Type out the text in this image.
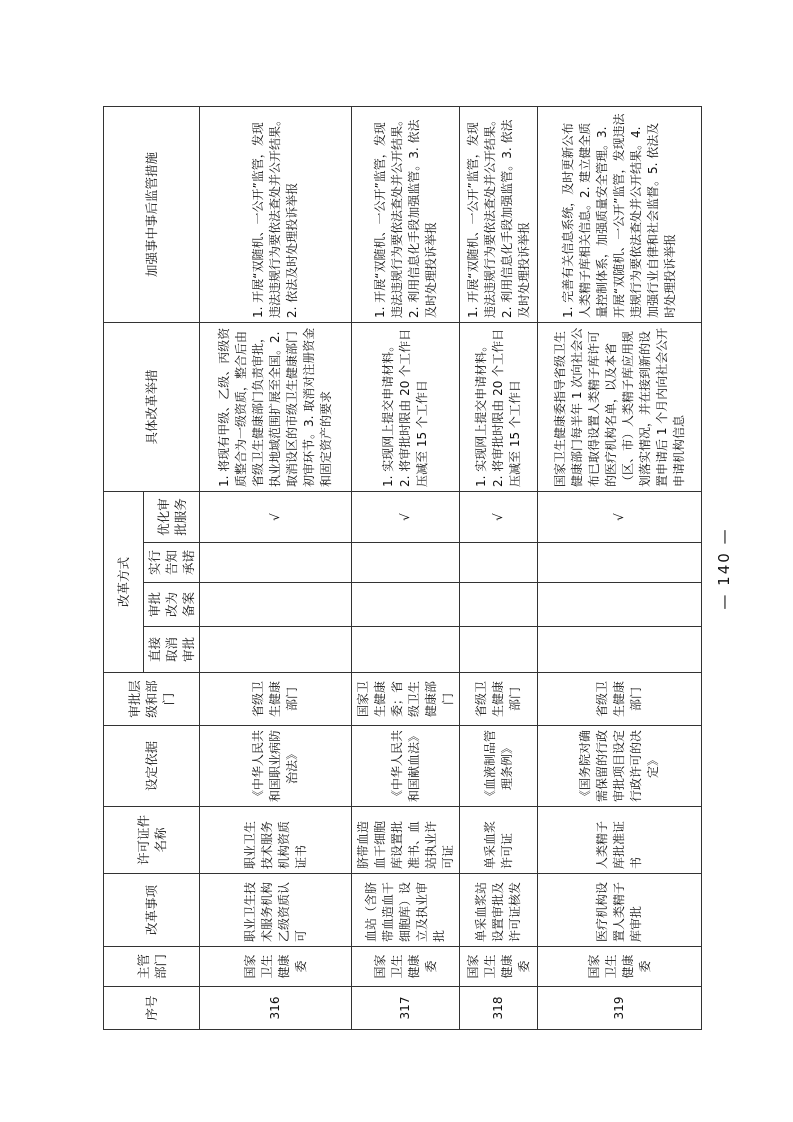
序号	主管部门	改革事项	许可证件名称	设定依据	审批层级和部门	改革方式				具体改革举措	加强事中事后监管措施
						直接取消审批	审批改为备案	实行告知承诺	优化审批服务		
316	国家卫生健康委	职业卫生技术服务机构乙级资质认可	职业卫生技术服务机构资质证书	《中华人民共和国职业病防治法》	省级卫生健康部门				√	1. 将现有甲级、乙级、丙级资质整合为一级资质，整合后由省级卫生健康部门负责审批，执业地域范围扩展至全国。2. 取消设区的市级卫生健康部门初审环节。3. 取消对注册资金和固定资产的要求	1. 开展“双随机、一公开”监管，发现违法违规行为要依法查处并公开结果。2. 依法及时处理投诉举报
317	国家卫生健康委	血站（含脐带血造血干细胞库）设立及执业审批	脐带血造血干细胞库设置批准书、血站执业许可证	《中华人民共和国献血法》	国家卫生健康委；省级卫生健康部门				√	1. 实现网上提交申请材料。
2. 将审批时限由 20 个工作日压减至 15 个工作日	1. 开展“双随机、一公开”监管，发现违法违规行为要依法查处并公开结果。2. 利用信息化手段加强监管。3. 依法及时处理投诉举报
318	国家卫生健康委	单采血浆站设置审批及许可证核发	单采血浆许可证	《血液制品管理条例》	省级卫生健康部门				√	1. 实现网上提交申请材料。
2. 将审批时限由 20 个工作日压减至 15 个工作日	1. 开展“双随机、一公开”监管，发现违法违规行为要依法查处并公开结果。2. 利用信息化手段加强监管。3. 依法及时处理投诉举报
319	国家卫生健康委	医疗机构设置人类精子库审批	人类精子库批准证书	《国务院对确需保留的行政审批项目设定行政许可的决定》	省级卫生健康部门				√	国家卫生健康委指导省级卫生健康部门每半年 1 次向社会公布已取得设置人类精子库许可的医疗机构名单，以及本省（区、市）人类精子库应用规划落实情况，并在接到新的设置申请后 1 个月内向社会公开申请机构信息	1. 完善有关信息系统，及时更新公布人类精子库相关信息。2. 建立健全质量控制体系，加强质量安全管理。3. 开展“双随机、一公开”监管，发现违法违规行为要依法查处并公开结果。4. 加强行业自律和社会监督。5. 依法及时处理投诉举报
— 140 —
